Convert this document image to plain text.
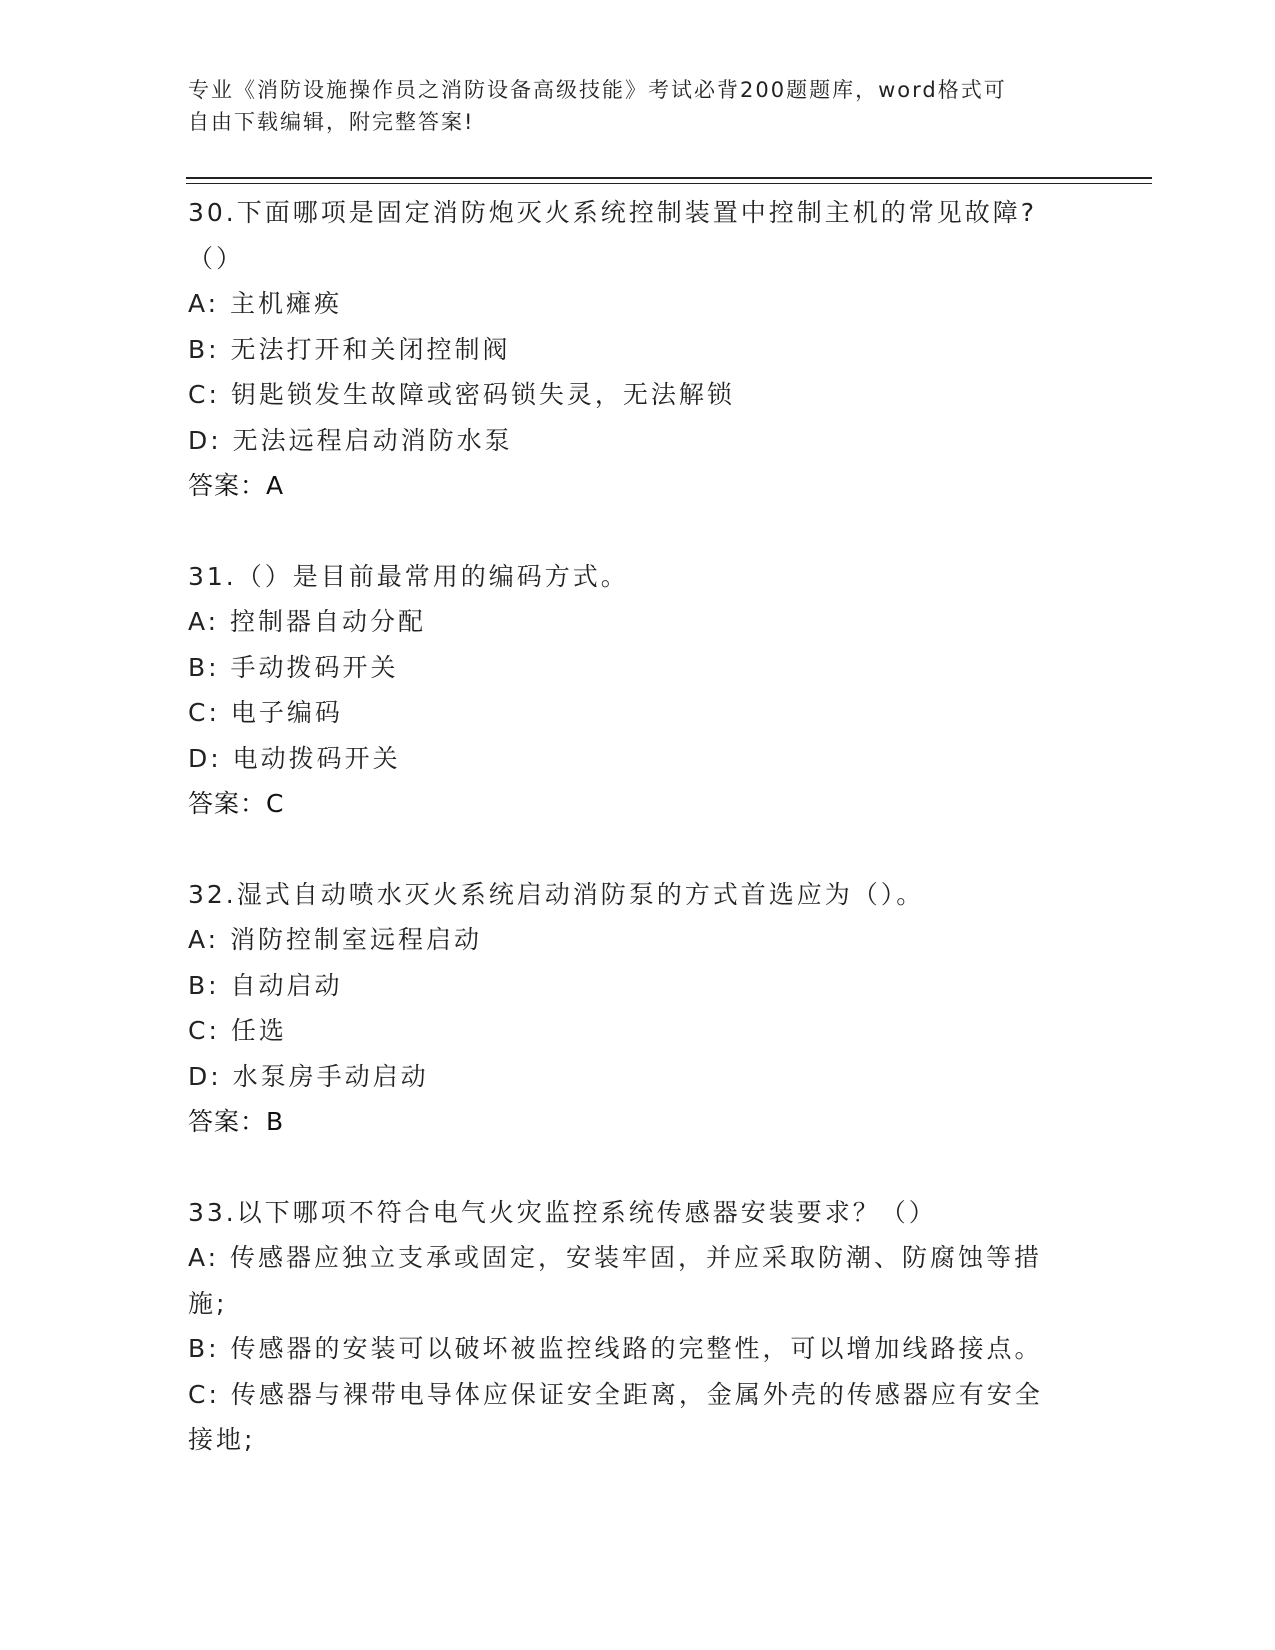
专业《消防设施操作员之消防设备高级技能》考试必背200题题库，word格式可
自由下载编辑，附完整答案!
30.下面哪项是固定消防炮灭火系统控制装置中控制主机的常见故障?
（）
A: 主机瘫痪
B: 无法打开和关闭控制阀
C: 钥匙锁发生故障或密码锁失灵，无法解锁
D: 无法远程启动消防水泵
答案：A
31.（）是目前最常用的编码方式。
A: 控制器自动分配
B: 手动拨码开关
C: 电子编码
D: 电动拨码开关
答案：C
32.湿式自动喷水灭火系统启动消防泵的方式首选应为（）。
A: 消防控制室远程启动
B: 自动启动
C: 任选
D: 水泵房手动启动
答案：B
33.以下哪项不符合电气火灾监控系统传感器安装要求？（）
A: 传感器应独立支承或固定，安装牢固，并应采取防潮、防腐蚀等措
施;
B: 传感器的安装可以破坏被监控线路的完整性，可以增加线路接点。
C: 传感器与裸带电导体应保证安全距离，金属外壳的传感器应有安全
接地;
